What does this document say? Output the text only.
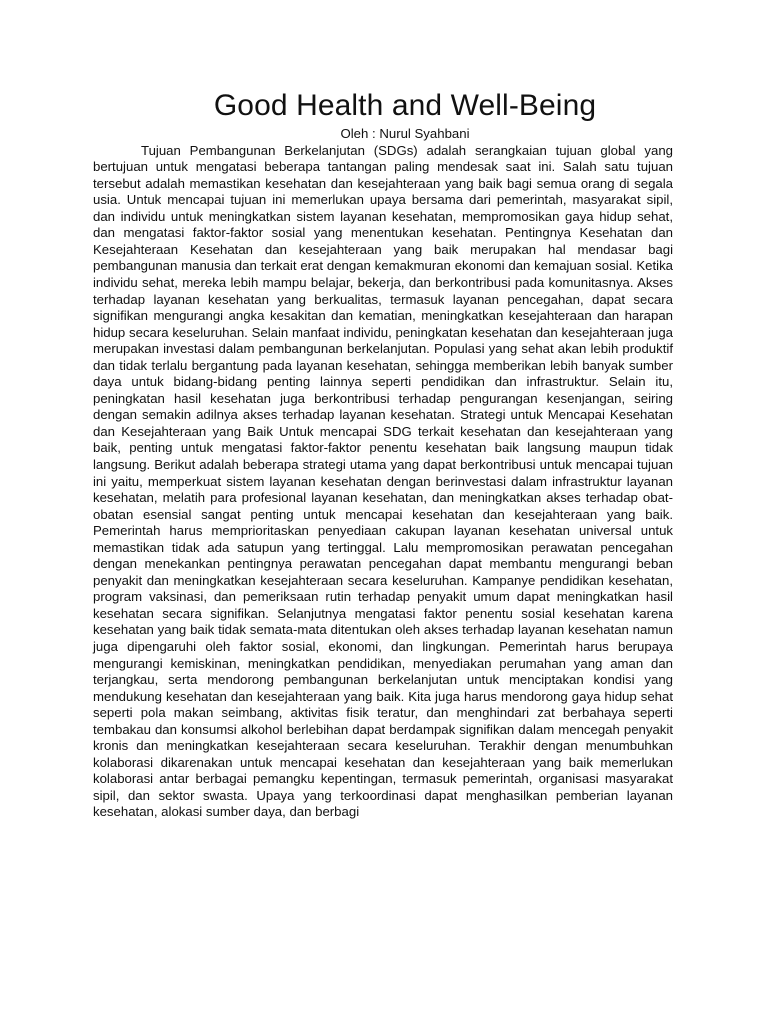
Good Health and Well-Being
Oleh : Nurul Syahbani

Tujuan Pembangunan Berkelanjutan (SDGs) adalah serangkaian tujuan global yang bertujuan untuk mengatasi beberapa tantangan paling mendesak saat ini. Salah satu tujuan tersebut adalah memastikan kesehatan dan kesejahteraan yang baik bagi semua orang di segala usia. Untuk mencapai tujuan ini memerlukan upaya bersama dari pemerintah, masyarakat sipil, dan individu untuk meningkatkan sistem layanan kesehatan, mempromosikan gaya hidup sehat, dan mengatasi faktor-faktor sosial yang menentukan kesehatan. Pentingnya Kesehatan dan Kesejahteraan Kesehatan dan kesejahteraan yang baik merupakan hal mendasar bagi pembangunan manusia dan terkait erat dengan kemakmuran ekonomi dan kemajuan sosial. Ketika individu sehat, mereka lebih mampu belajar, bekerja, dan berkontribusi pada komunitasnya. Akses terhadap layanan kesehatan yang berkualitas, termasuk layanan pencegahan, dapat secara signifikan mengurangi angka kesakitan dan kematian, meningkatkan kesejahteraan dan harapan hidup secara keseluruhan. Selain manfaat individu, peningkatan kesehatan dan kesejahteraan juga merupakan investasi dalam pembangunan berkelanjutan. Populasi yang sehat akan lebih produktif dan tidak terlalu bergantung pada layanan kesehatan, sehingga memberikan lebih banyak sumber daya untuk bidang-bidang penting lainnya seperti pendidikan dan infrastruktur. Selain itu, peningkatan hasil kesehatan juga berkontribusi terhadap pengurangan kesenjangan, seiring dengan semakin adilnya akses terhadap layanan kesehatan. Strategi untuk Mencapai Kesehatan dan Kesejahteraan yang Baik Untuk mencapai SDG terkait kesehatan dan kesejahteraan yang baik, penting untuk mengatasi faktor-faktor penentu kesehatan baik langsung maupun tidak langsung. Berikut adalah beberapa strategi utama yang dapat berkontribusi untuk mencapai tujuan ini yaitu, memperkuat sistem layanan kesehatan dengan berinvestasi dalam infrastruktur layanan kesehatan, melatih para profesional layanan kesehatan, dan meningkatkan akses terhadap obat-obatan esensial sangat penting untuk mencapai kesehatan dan kesejahteraan yang baik. Pemerintah harus memprioritaskan penyediaan cakupan layanan kesehatan universal untuk memastikan tidak ada satupun yang tertinggal. Lalu mempromosikan perawatan pencegahan dengan menekankan pentingnya perawatan pencegahan dapat membantu mengurangi beban penyakit dan meningkatkan kesejahteraan secara keseluruhan. Kampanye pendidikan kesehatan, program vaksinasi, dan pemeriksaan rutin terhadap penyakit umum dapat meningkatkan hasil kesehatan secara signifikan. Selanjutnya mengatasi faktor penentu sosial kesehatan karena kesehatan yang baik tidak semata-mata ditentukan oleh akses terhadap layanan kesehatan namun juga dipengaruhi oleh faktor sosial, ekonomi, dan lingkungan. Pemerintah harus berupaya mengurangi kemiskinan, meningkatkan pendidikan, menyediakan perumahan yang aman dan terjangkau, serta mendorong pembangunan berkelanjutan untuk menciptakan kondisi yang mendukung kesehatan dan kesejahteraan yang baik. Kita juga harus mendorong gaya hidup sehat seperti pola makan seimbang, aktivitas fisik teratur, dan menghindari zat berbahaya seperti tembakau dan konsumsi alkohol berlebihan dapat berdampak signifikan dalam mencegah penyakit kronis dan meningkatkan kesejahteraan secara keseluruhan. Terakhir dengan menumbuhkan kolaborasi dikarenakan untuk mencapai kesehatan dan kesejahteraan yang baik memerlukan kolaborasi antar berbagai pemangku kepentingan, termasuk pemerintah, organisasi masyarakat sipil, dan sektor swasta. Upaya yang terkoordinasi dapat menghasilkan pemberian layanan kesehatan, alokasi sumber daya, dan berbagi
